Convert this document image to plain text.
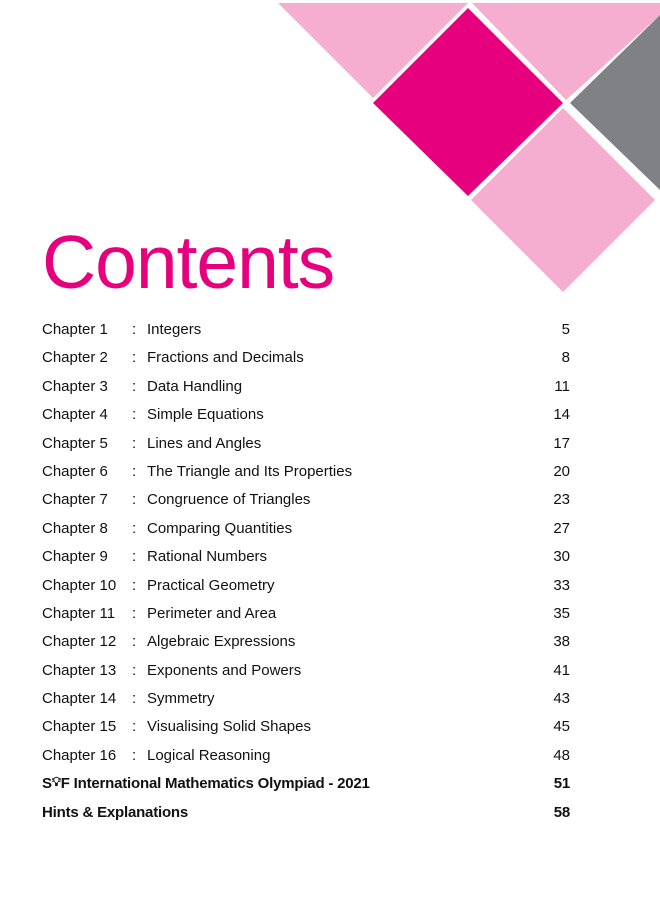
Contents
Chapter 1 : Integers	5
Chapter 2 : Fractions and Decimals	8
Chapter 3 : Data Handling	11
Chapter 4 : Simple Equations	14
Chapter 5 : Lines and Angles	17
Chapter 6 : The Triangle and Its Properties	20
Chapter 7 : Congruence of Triangles	23
Chapter 8 : Comparing Quantities	27
Chapter 9 : Rational Numbers	30
Chapter 10 : Practical Geometry	33
Chapter 11 : Perimeter and Area	35
Chapter 12 : Algebraic Expressions	38
Chapter 13 : Exponents and Powers	41
Chapter 14 : Symmetry	43
Chapter 15 : Visualising Solid Shapes	45
Chapter 16 : Logical Reasoning	48
S💡︎F International Mathematics Olympiad - 2021	51
Hints & Explanations	58
